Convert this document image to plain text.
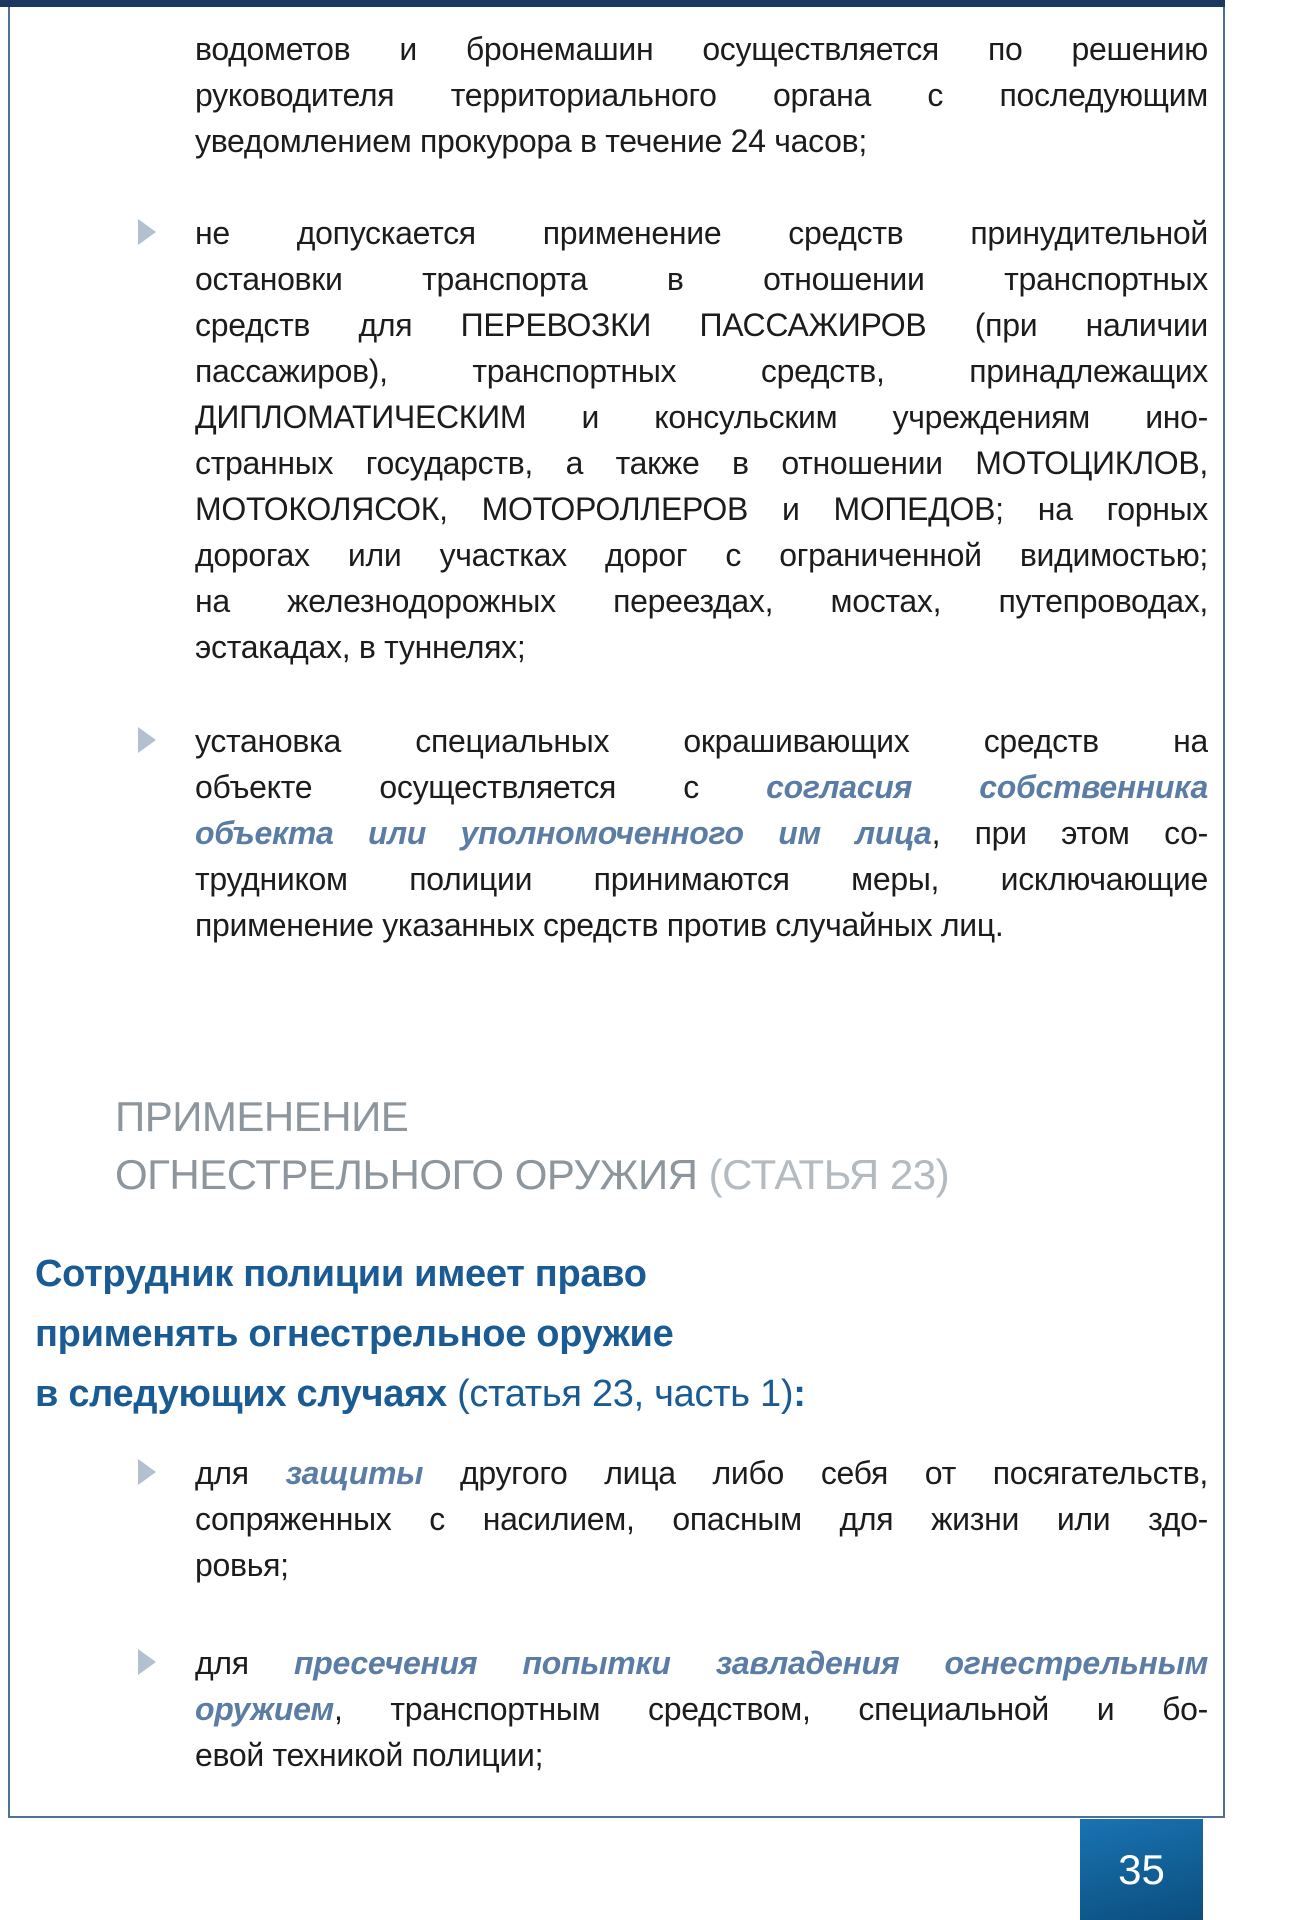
водометов и бронемашин осуществляется по решению
руководителя территориального органа с последующим
уведомлением прокурора в течение 24 часов;
не допускается применение средств принудительной
остановки транспорта в отношении транспортных
средств для ПЕРЕВОЗКИ ПАССАЖИРОВ (при наличии
пассажиров), транспортных средств, принадлежащих
ДИПЛОМАТИЧЕСКИМ и консульским учреждениям ино-
странных государств, а также в отношении МОТОЦИКЛОВ,
МОТОКОЛЯСОК, МОТОРОЛЛЕРОВ и МОПЕДОВ; на горных
дорогах или участках дорог с ограниченной видимостью;
на железнодорожных переездах, мостах, путепроводах,
эстакадах, в туннелях;
установка специальных окрашивающих средств на
объекте осуществляется с согласия собственника
объекта или уполномоченного им лица, при этом со-
трудником полиции принимаются меры, исключающие
применение указанных средств против случайных лиц.
ПРИМЕНЕНИЕ
ОГНЕСТРЕЛЬНОГО ОРУЖИЯ (СТАТЬЯ 23)
Сотрудник полиции имеет право
применять огнестрельное оружие
в следующих случаях (статья 23, часть 1):
для защиты другого лица либо себя от посягательств,
сопряженных с насилием, опасным для жизни или здо-
ровья;
для пресечения попытки завладения огнестрельным
оружием, транспортным средством, специальной и бо-
евой техникой полиции;
35
